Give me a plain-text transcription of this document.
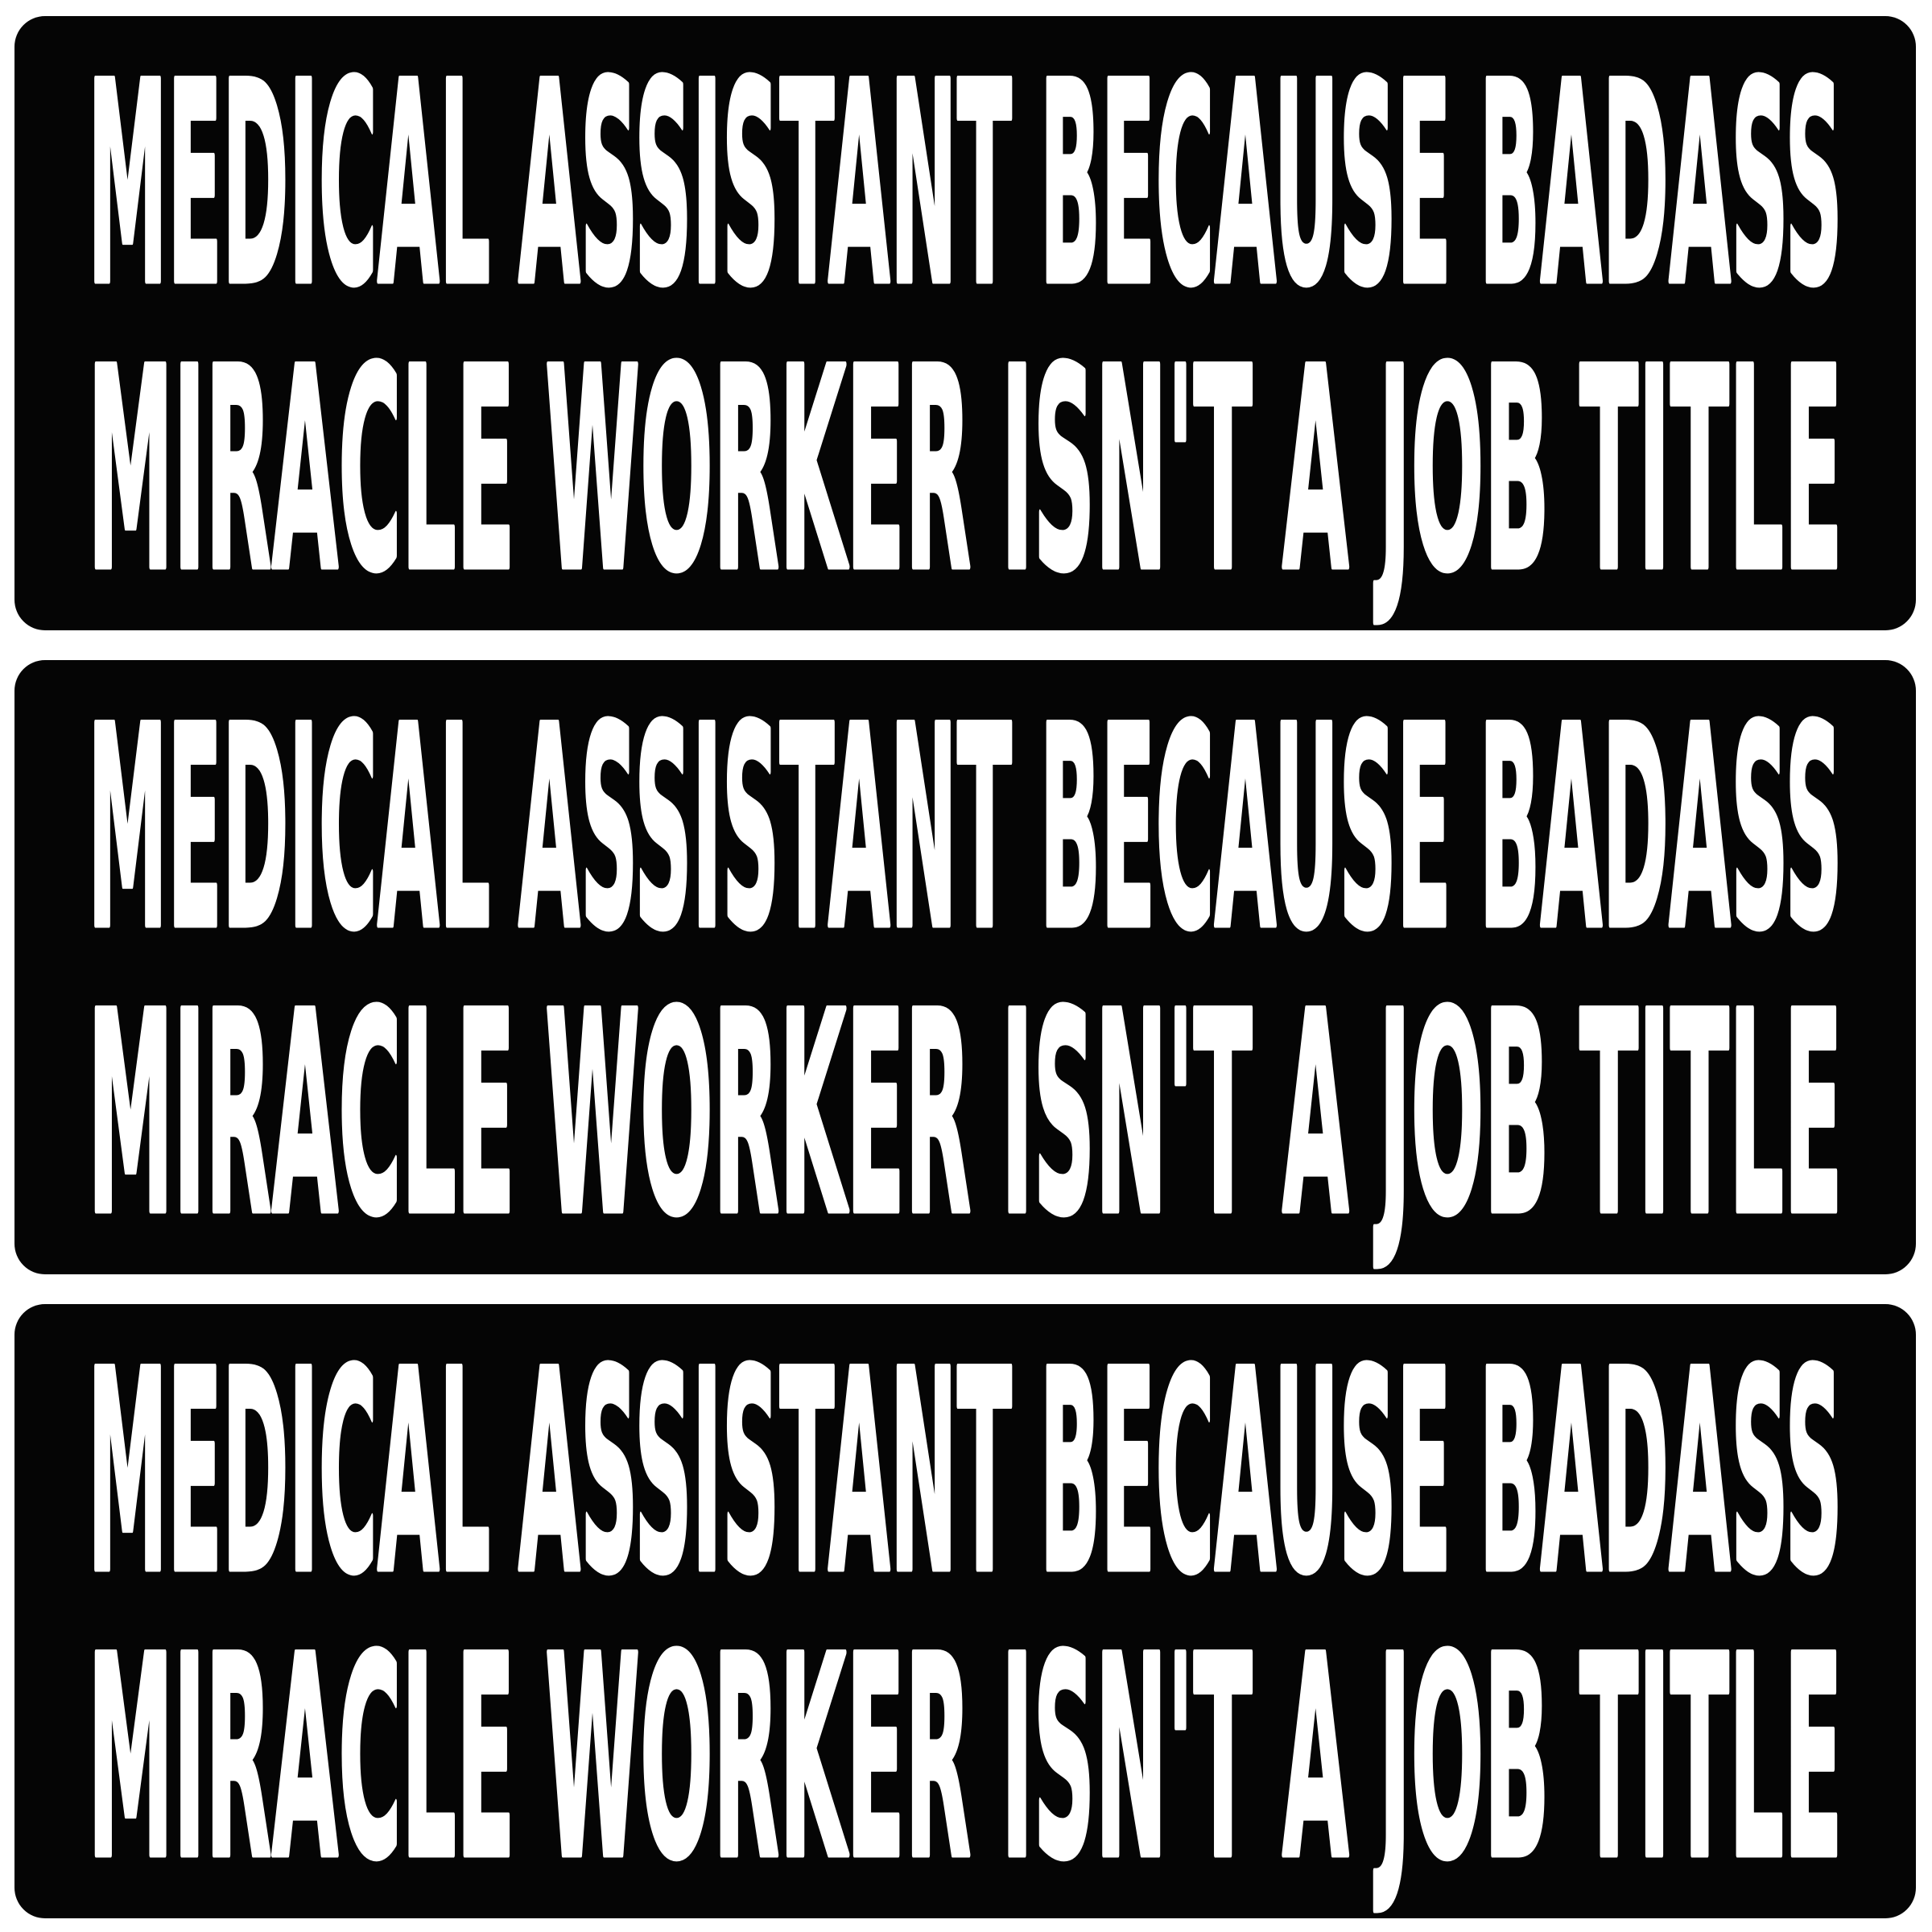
MEDICAL ASSISTANT BECAUSE BADASS
MIRACLE WORKER ISN'T A JOB TITLE
MEDICAL ASSISTANT BECAUSE BADASS
MIRACLE WORKER ISN'T A JOB TITLE
MEDICAL ASSISTANT BECAUSE BADASS
MIRACLE WORKER ISN'T A JOB TITLE
